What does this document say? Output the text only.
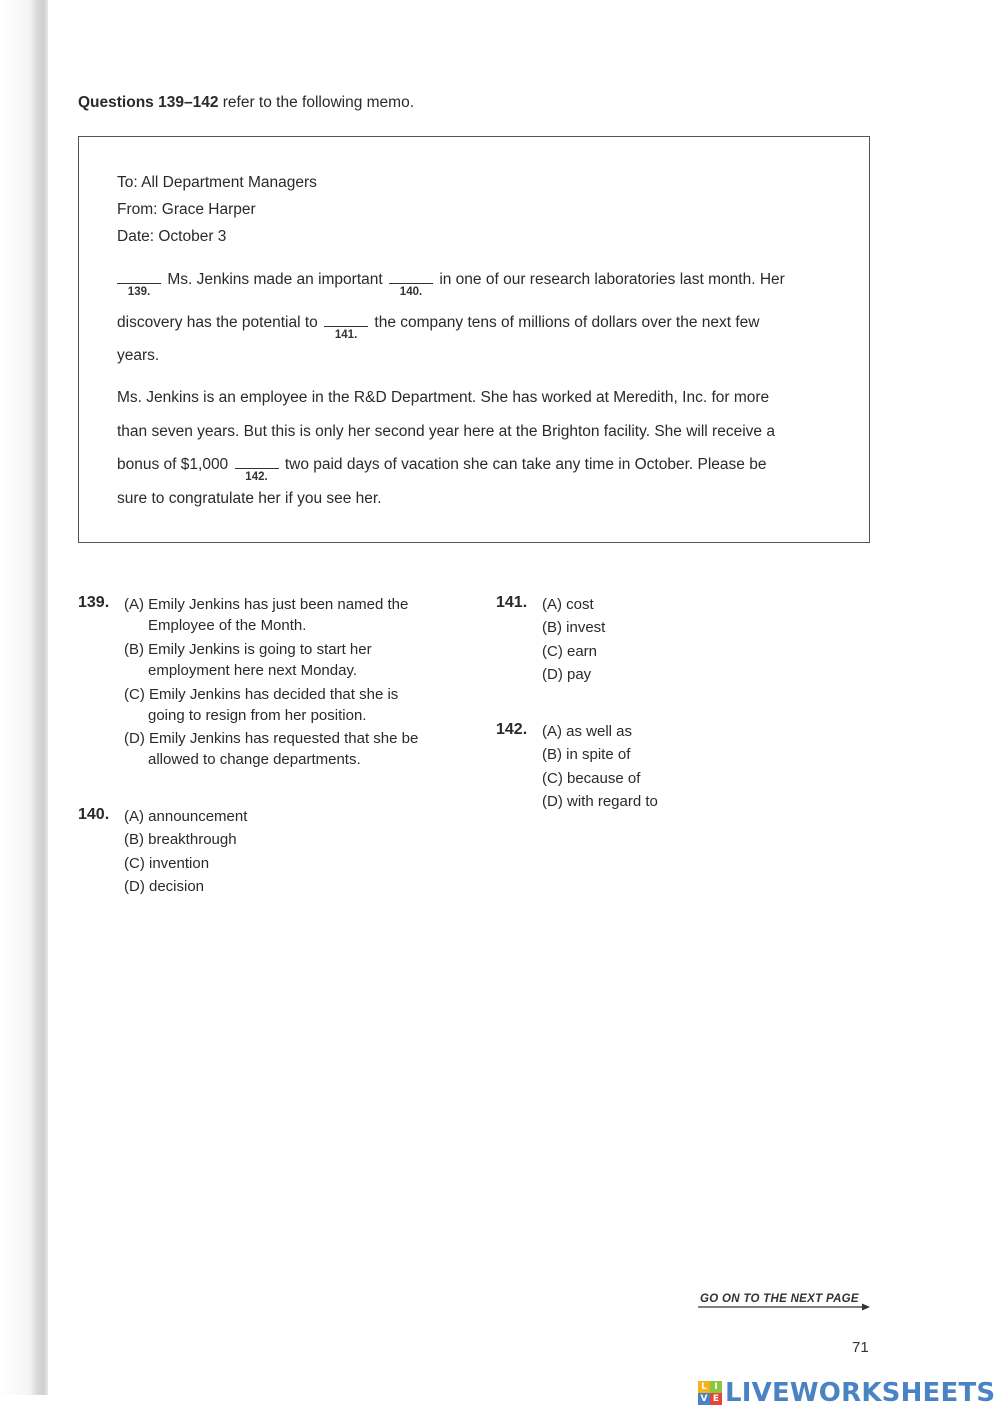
Questions 139–142 refer to the following memo.
To: All Department Managers
From: Grace Harper
Date: October 3
139.
Ms. Jenkins made an important
140.
in one of our research laboratories last month. Her
discovery has the potential to
141.
the company tens of millions of dollars over the next few
years.
Ms. Jenkins is an employee in the R&D Department. She has worked at Meredith, Inc. for more
than seven years. But this is only her second year here at the Brighton facility. She will receive a
bonus of $1,000
142.
two paid days of vacation she can take any time in October. Please be
sure to congratulate her if you see her.
139. (A) Emily Jenkins has just been named the
Employee of the Month.
(B) Emily Jenkins is going to start her
employment here next Monday.
(C) Emily Jenkins has decided that she is
going to resign from her position.
(D) Emily Jenkins has requested that she be
allowed to change departments.
140. (A) announcement
(B) breakthrough
(C) invention
(D) decision
141. (A) cost
(B) invest
(C) earn
(D) pay
142. (A) as well as
(B) in spite of
(C) because of
(D) with regard to
GO ON TO THE NEXT PAGE
71
L I
V E LIVEWORKSHEETS
